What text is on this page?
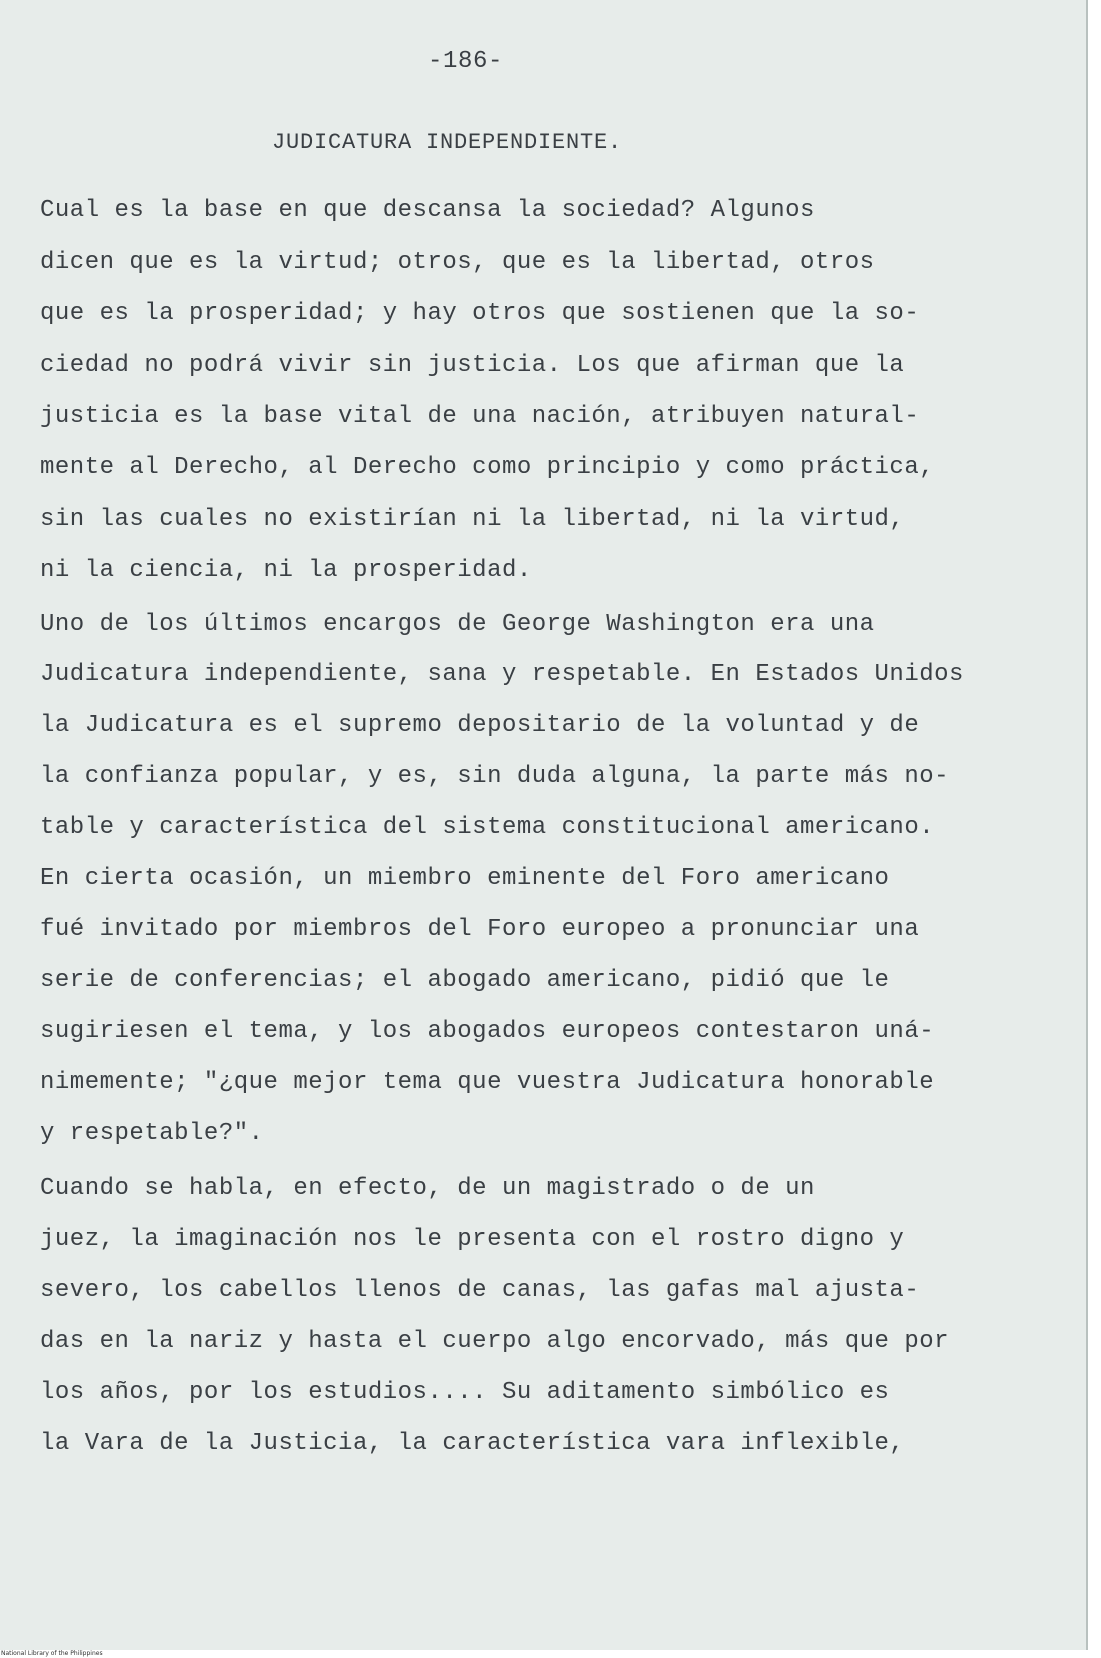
-186-
JUDICATURA INDEPENDIENTE.
Cual es la base en que descansa la sociedad? Algunos
dicen que es la virtud; otros, que es la libertad, otros
que es la prosperidad; y hay otros que sostienen que la so-
ciedad no podrá vivir sin justicia. Los que afirman que la
justicia es la base vital de una nación, atribuyen natural-
mente al Derecho, al Derecho como principio y como práctica,
sin las cuales no existirían ni la libertad, ni la virtud,
ni la ciencia, ni la prosperidad.
Uno de los últimos encargos de George Washington era una
Judicatura independiente, sana y respetable. En Estados Unidos
la Judicatura es el supremo depositario de la voluntad y de
la confianza popular, y es, sin duda alguna, la parte más no-
table y característica del sistema constitucional americano.
En cierta ocasión, un miembro eminente del Foro americano
fué invitado por miembros del Foro europeo a pronunciar una
serie de conferencias; el abogado americano, pidió que le
sugiriesen el tema, y los abogados europeos contestaron uná-
nimemente; "¿que mejor tema que vuestra Judicatura honorable
y respetable?".
Cuando se habla, en efecto, de un magistrado o de un
juez, la imaginación nos le presenta con el rostro digno y
severo, los cabellos llenos de canas, las gafas mal ajusta-
das en la nariz y hasta el cuerpo algo encorvado, más que por
los años, por los estudios.... Su aditamento simbólico es
la Vara de la Justicia, la característica vara inflexible,
National Library of the Philippines
